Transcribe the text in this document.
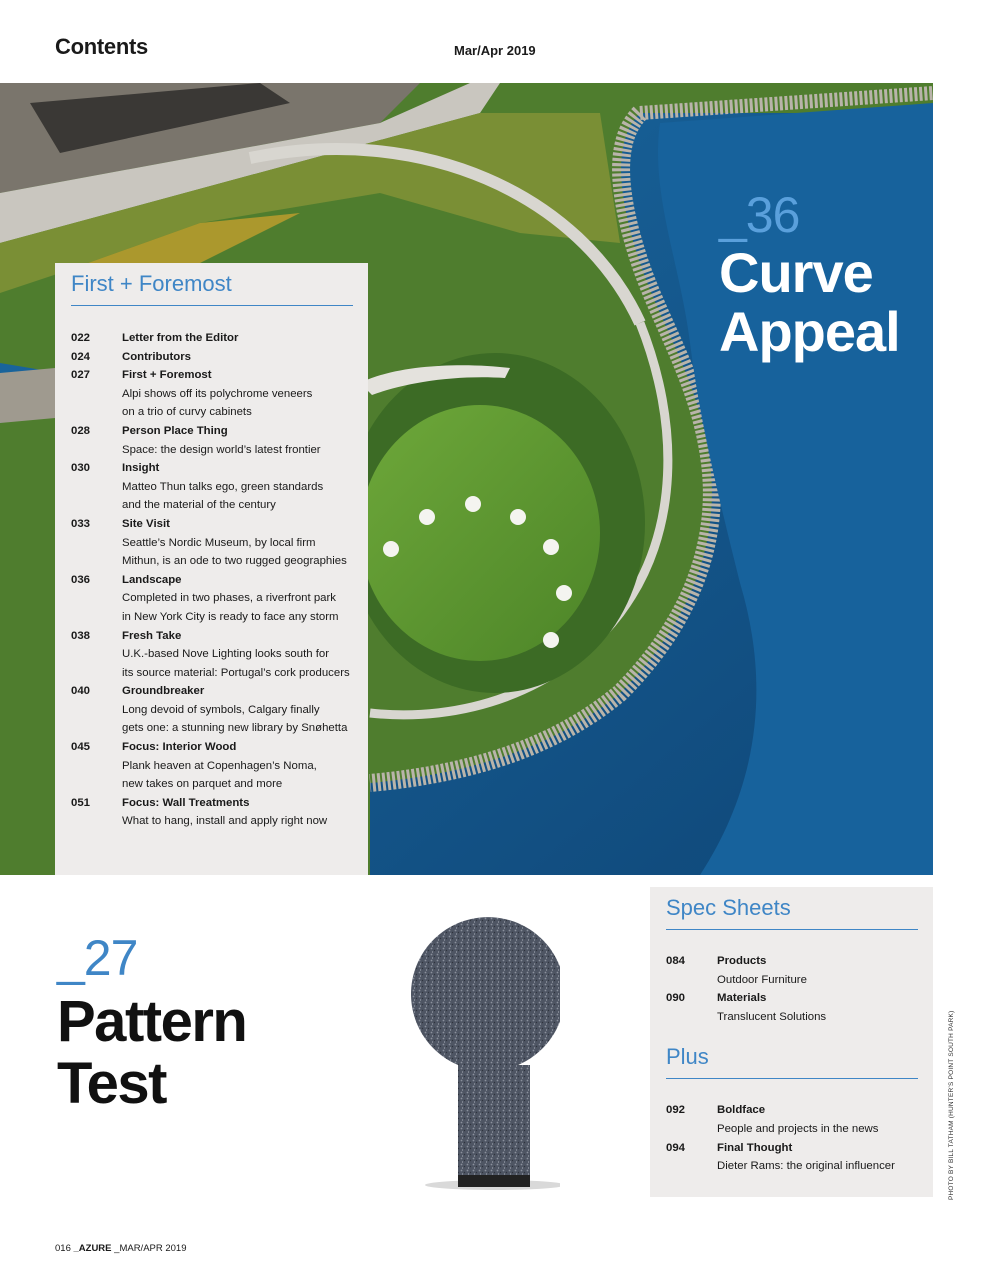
Contents	Mar/Apr 2019
_36
Curve
Appeal
First + Foremost
022	Letter from the Editor
024	Contributors
027	First + Foremost
Alpi shows off its polychrome veneers
on a trio of curvy cabinets
028	Person Place Thing
Space: the design world’s latest frontier
030	Insight
Matteo Thun talks ego, green standards
and the material of the century
033	Site Visit
Seattle’s Nordic Museum, by local firm
Mithun, is an ode to two rugged geographies
036	Landscape
Completed in two phases, a riverfront park
in New York City is ready to face any storm
038	Fresh Take
U.K.-based Nove Lighting looks south for
its source material: Portugal’s cork producers
040	Groundbreaker
Long devoid of symbols, Calgary finally
gets one: a stunning new library by Snøhetta
045	Focus: Interior Wood
Plank heaven at Copenhagen’s Noma,
new takes on parquet and more
051	Focus: Wall Treatments
What to hang, install and apply right now
Spec Sheets
084	Products
Outdoor Furniture
090	Materials
Translucent Solutions
Plus
092	Boldface
People and projects in the news
094	Final Thought
Dieter Rams: the original influencer
_27
Pattern
Test	PHOTO BY BILL TATHAM (HUNTER’S POINT SOUTH PARK)
016 _AZURE _MAR/APR 2019
